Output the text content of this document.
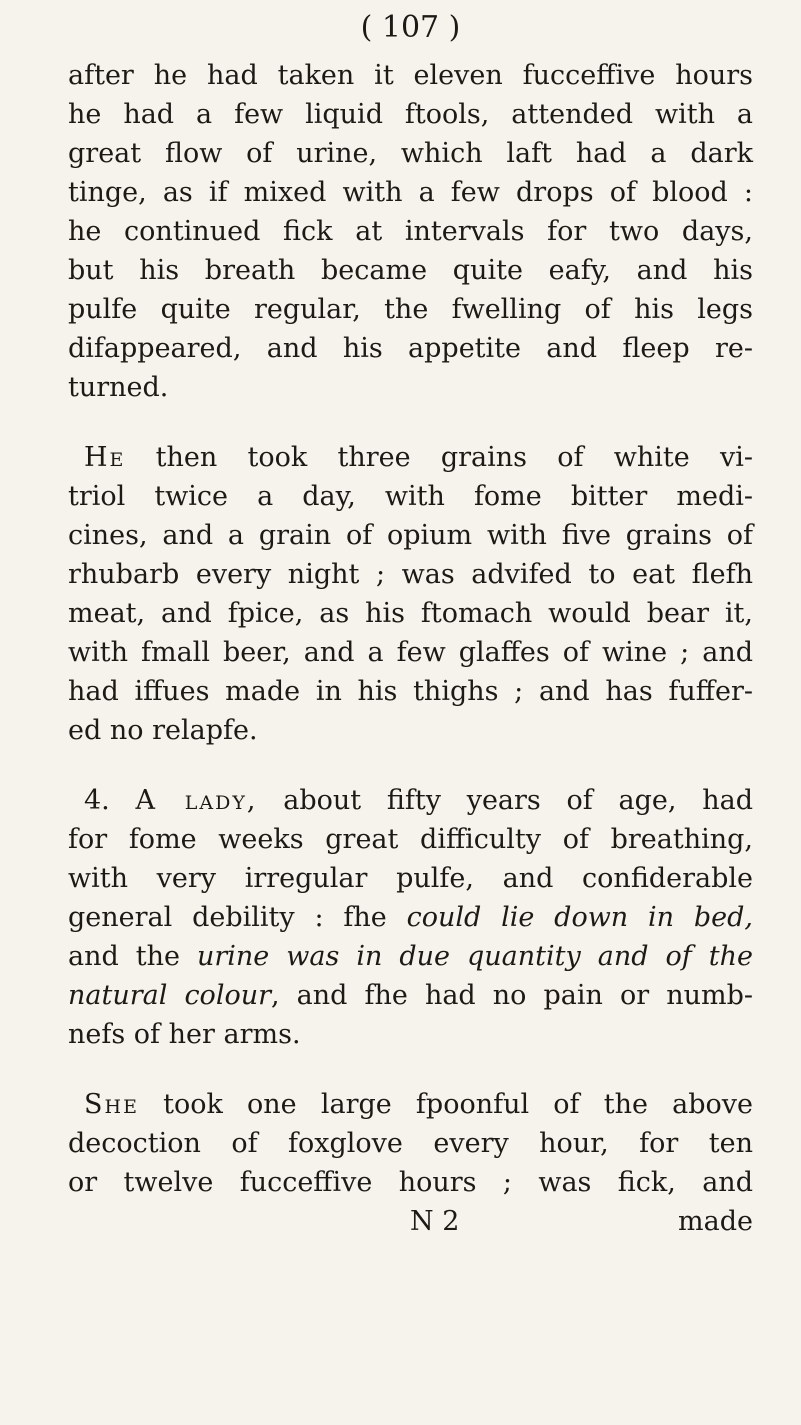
( 107 )
after he had taken it eleven fucceffive hours
he had a few liquid ftools, attended with a
great flow of urine, which laft had a dark
tinge, as if mixed with a few drops of blood :
he continued fick at intervals for two days,
but his breath became quite eafy, and his
pulfe quite regular, the fwelling of his legs
difappeared, and his appetite and fleep re-
turned.
He then took three grains of white vi-
triol twice a day, with fome bitter medi-
cines, and a grain of opium with five grains of
rhubarb every night ; was advifed to eat flefh
meat, and fpice, as his ftomach would bear it,
with fmall beer, and a few glaffes of wine ; and
had iffues made in his thighs ; and has fuffer-
ed no relapfe.
4. A lady, about fifty years of age, had
for fome weeks great difficulty of breathing,
with very irregular pulfe, and confiderable
general debility : fhe could lie down in bed,
and the urine was in due quantity and of the
natural colour, and fhe had no pain or numb-
nefs of her arms.
She took one large fpoonful of the above
decoction of foxglove every hour, for ten
or twelve fucceffive hours ; was fick, and
N 2	made
